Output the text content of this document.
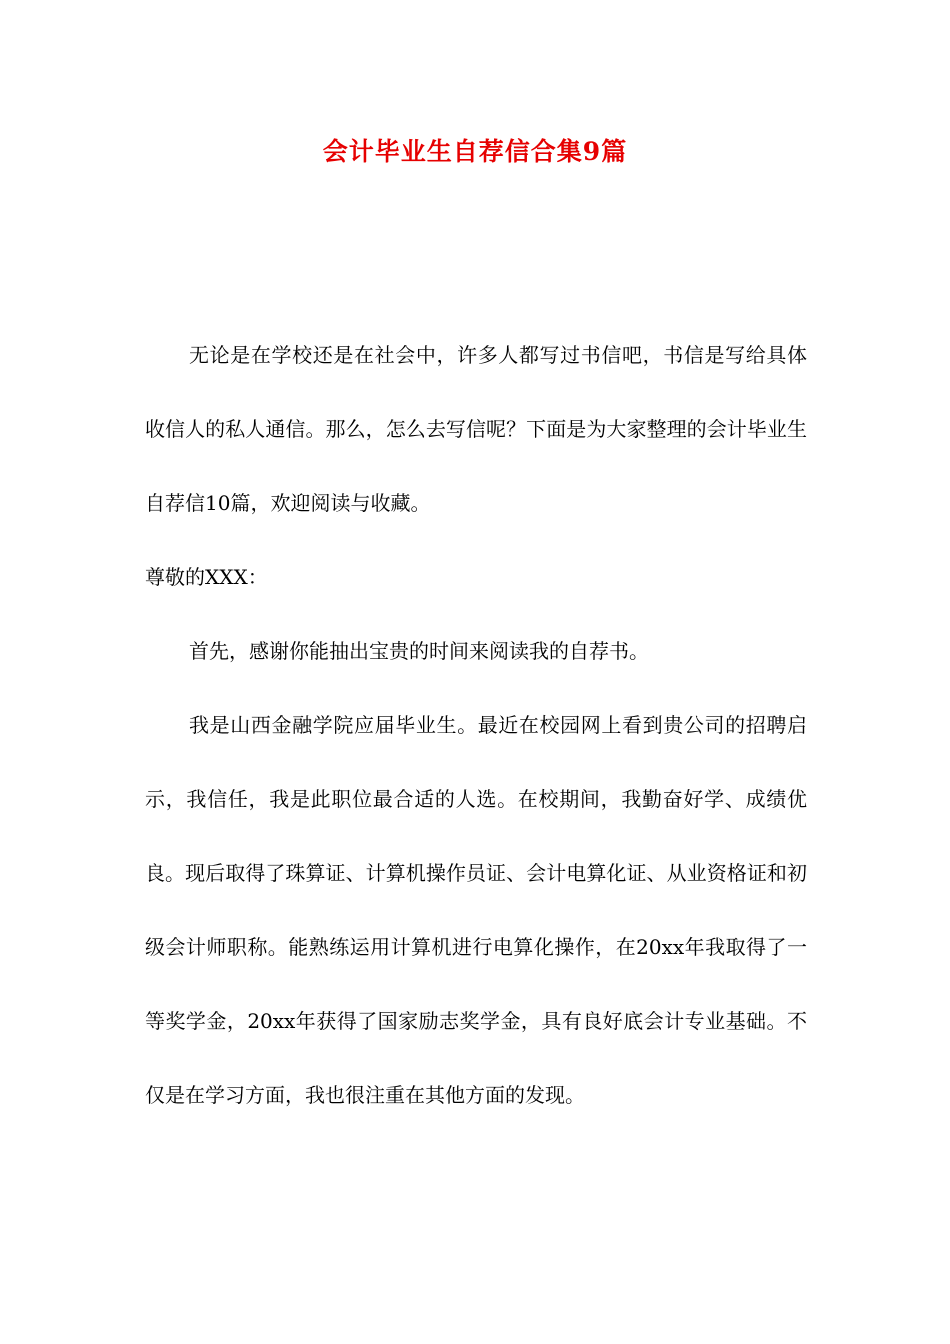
会计毕业生自荐信合集9篇

无论是在学校还是在社会中，许多人都写过书信吧，书信是写给具体收信人的私人通信。那么，怎么去写信呢？下面是为大家整理的会计毕业生自荐信10篇，欢迎阅读与收藏。

尊敬的XXX：

首先，感谢你能抽出宝贵的时间来阅读我的自荐书。

我是山西金融学院应届毕业生。最近在校园网上看到贵公司的招聘启示，我信任，我是此职位最合适的人选。在校期间，我勤奋好学、成绩优良。现后取得了珠算证、计算机操作员证、会计电算化证、从业资格证和初级会计师职称。能熟练运用计算机进行电算化操作，在20xx年我取得了一等奖学金，20xx年获得了国家励志奖学金，具有良好底会计专业基础。不仅是在学习方面，我也很注重在其他方面的发现。
